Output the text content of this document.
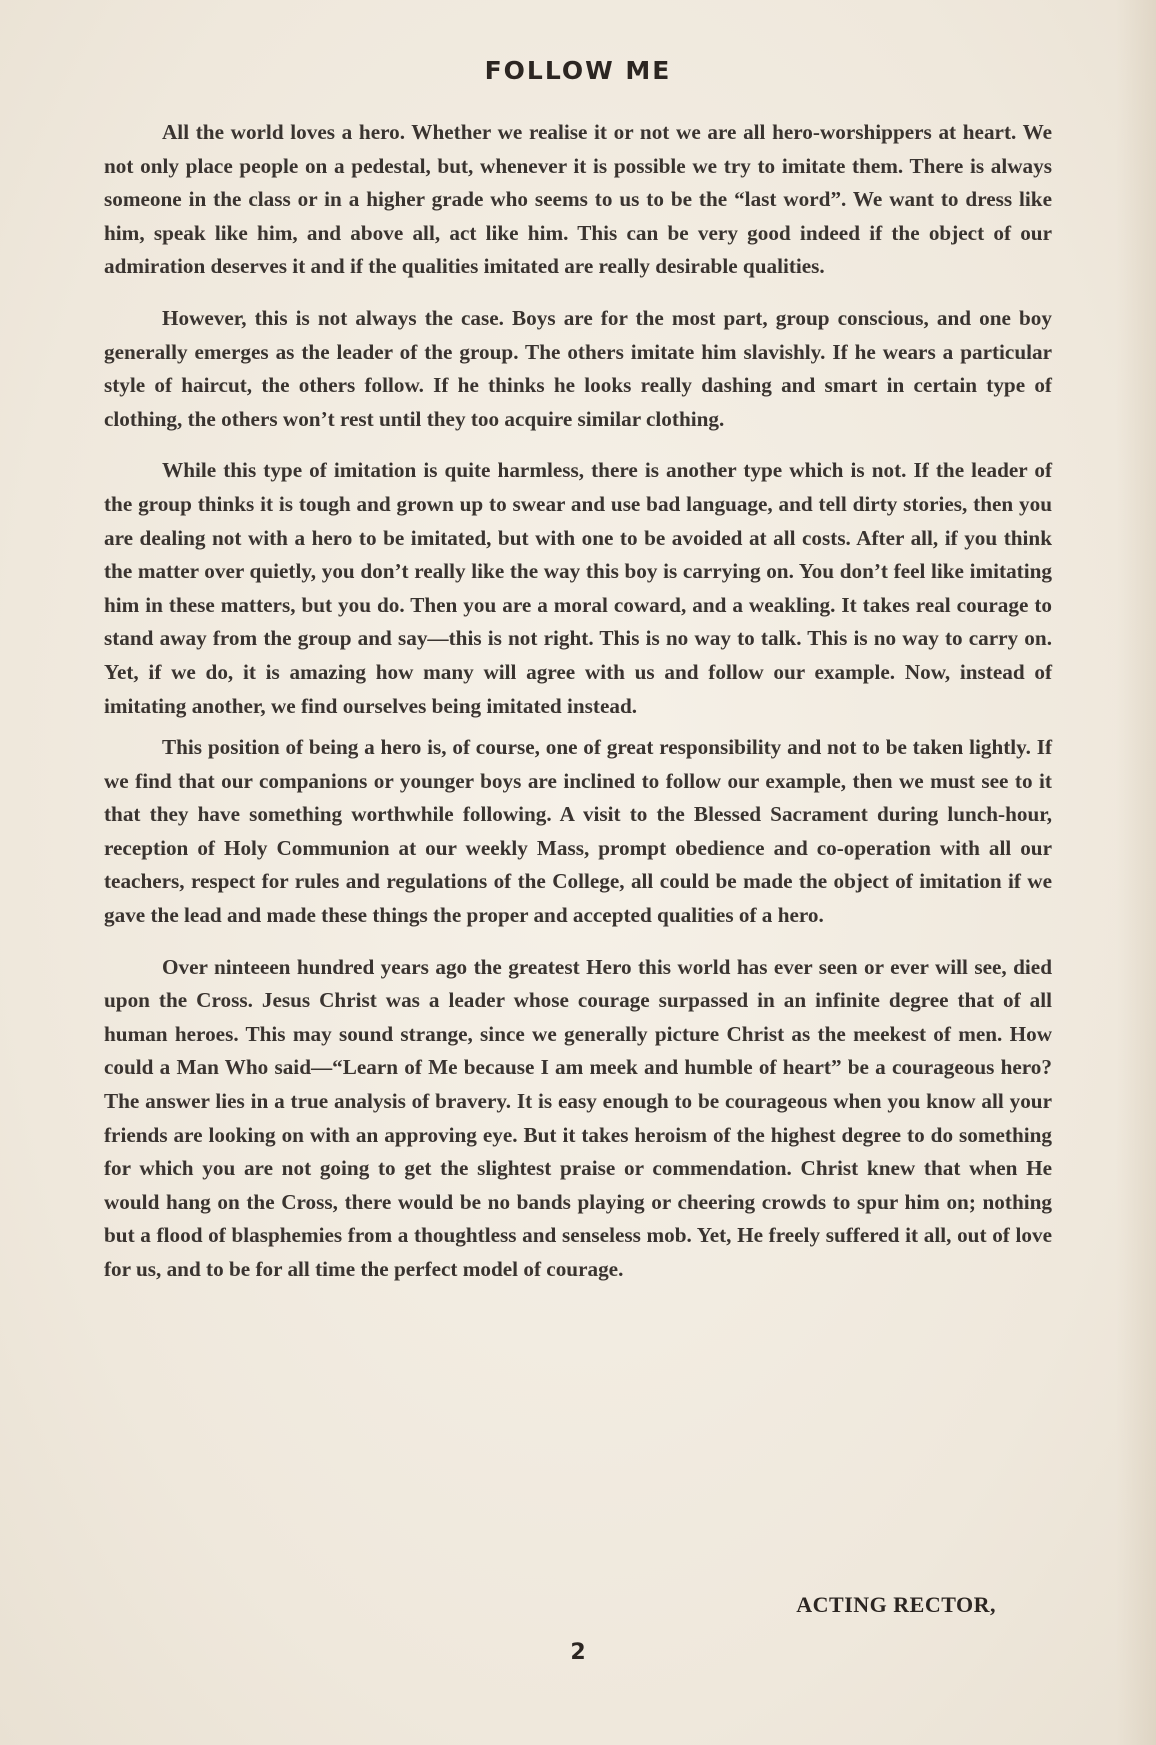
FOLLOW ME

All the world loves a hero. Whether we realise it or not we are all hero-worshippers at heart. We not only place people on a pedestal, but, whenever it is possible we try to imitate them. There is always someone in the class or in a higher grade who seems to us to be the “last word”. We want to dress like him, speak like him, and above all, act like him. This can be very good indeed if the object of our admiration deserves it and if the qualities imitated are really desirable qualities.

However, this is not always the case. Boys are for the most part, group conscious, and one boy generally emerges as the leader of the group. The others imitate him slavishly. If he wears a particular style of haircut, the others follow. If he thinks he looks really dashing and smart in certain type of clothing, the others won’t rest until they too acquire similar clothing.

While this type of imitation is quite harmless, there is another type which is not. If the leader of the group thinks it is tough and grown up to swear and use bad language, and tell dirty stories, then you are dealing not with a hero to be imitated, but with one to be avoided at all costs. After all, if you think the matter over quietly, you don’t really like the way this boy is carrying on. You don’t feel like imitating him in these matters, but you do. Then you are a moral coward, and a weakling. It takes real courage to stand away from the group and say—this is not right. This is no way to talk. This is no way to carry on. Yet, if we do, it is amazing how many will agree with us and follow our example. Now, instead of imitating another, we find ourselves being imitated instead.

This position of being a hero is, of course, one of great responsibility and not to be taken lightly. If we find that our companions or younger boys are inclined to follow our example, then we must see to it that they have something worthwhile following. A visit to the Blessed Sacrament during lunch-hour, reception of Holy Communion at our weekly Mass, prompt obedience and co-operation with all our teachers, respect for rules and regulations of the College, all could be made the object of imitation if we gave the lead and made these things the proper and accepted qualities of a hero.

Over ninteeen hundred years ago the greatest Hero this world has ever seen or ever will see, died upon the Cross. Jesus Christ was a leader whose courage surpassed in an infinite degree that of all human heroes. This may sound strange, since we generally picture Christ as the meekest of men. How could a Man Who said—“Learn of Me because I am meek and humble of heart” be a courageous hero? The answer lies in a true analysis of bravery. It is easy enough to be courageous when you know all your friends are looking on with an approving eye. But it takes heroism of the highest degree to do something for which you are not going to get the slightest praise or commendation. Christ knew that when He would hang on the Cross, there would be no bands playing or cheering crowds to spur him on; nothing but a flood of blasphemies from a thoughtless and senseless mob. Yet, He freely suffered it all, out of love for us, and to be for all time the perfect model of courage.

ACTING RECTOR,
2
